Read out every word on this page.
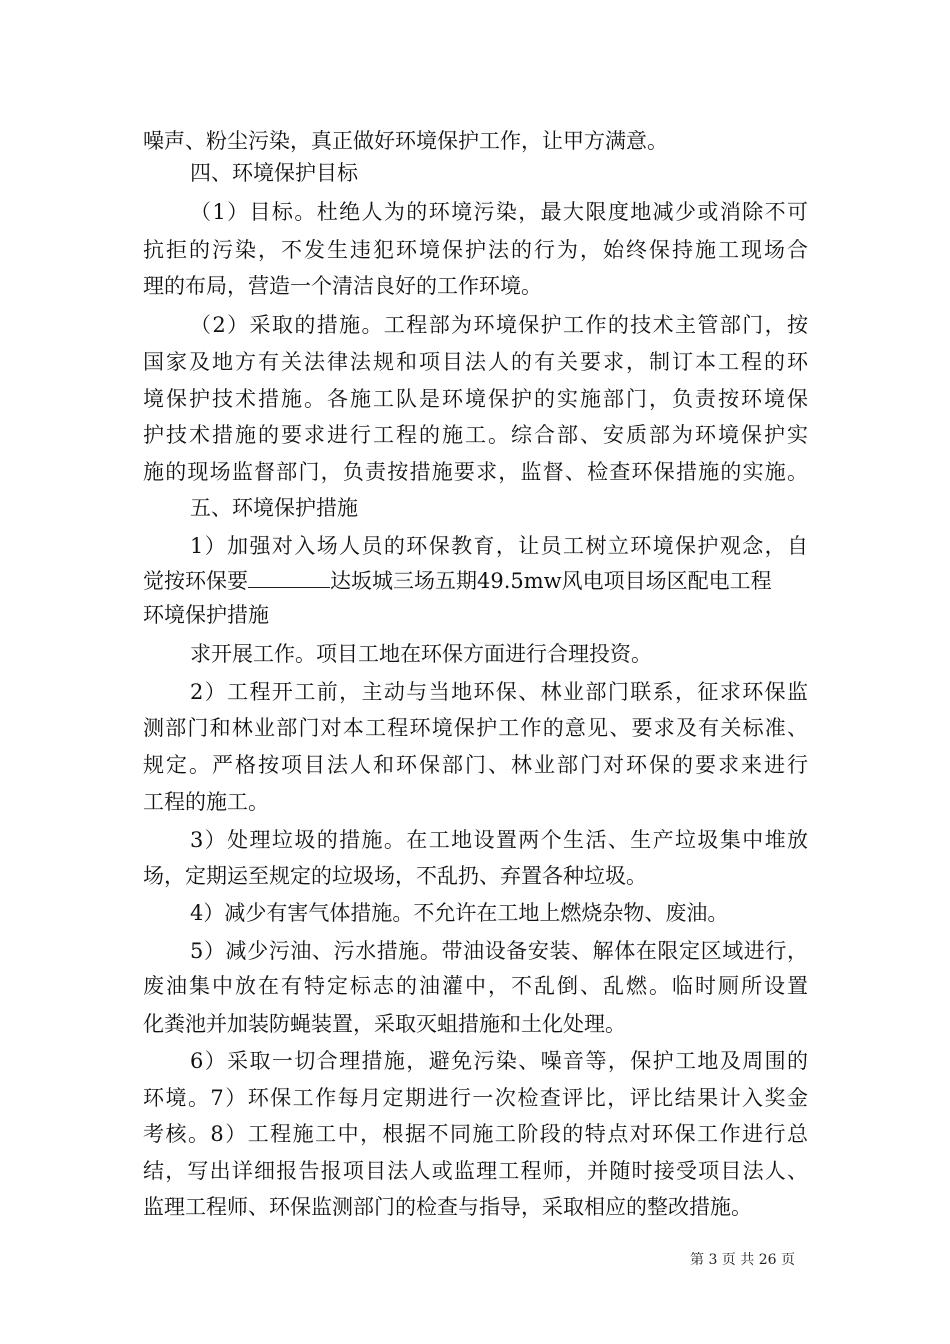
噪声、粉尘污染，真正做好环境保护工作，让甲方满意。
四、环境保护目标
（1）目标。杜绝人为的环境污染，最大限度地减少或消除不可
抗拒的污染，不发生违犯环境保护法的行为，始终保持施工现场合
理的布局，营造一个清洁良好的工作环境。
（2）采取的措施。工程部为环境保护工作的技术主管部门，按
国家及地方有关法律法规和项目法人的有关要求，制订本工程的环
境保护技术措施。各施工队是环境保护的实施部门，负责按环境保
护技术措施的要求进行工程的施工。综合部、安质部为环境保护实
施的现场监督部门，负责按措施要求，监督、检查环保措施的实施。
五、环境保护措施
1）加强对入场人员的环保教育，让员工树立环境保护观念，自
觉按环保要	达坂城三场五期49.5mw风电项目场区配电工程
环境保护措施
求开展工作。项目工地在环保方面进行合理投资。
2）工程开工前，主动与当地环保、林业部门联系，征求环保监
测部门和林业部门对本工程环境保护工作的意见、要求及有关标准、
规定。严格按项目法人和环保部门、林业部门对环保的要求来进行
工程的施工。
3）处理垃圾的措施。在工地设置两个生活、生产垃圾集中堆放
场，定期运至规定的垃圾场，不乱扔、弃置各种垃圾。
4）减少有害气体措施。不允许在工地上燃烧杂物、废油。
5）减少污油、污水措施。带油设备安装、解体在限定区域进行，
废油集中放在有特定标志的油灌中，不乱倒、乱燃。临时厕所设置
化粪池并加装防蝇装置，采取灭蛆措施和土化处理。
6）采取一切合理措施，避免污染、噪音等，保护工地及周围的
环境。7）环保工作每月定期进行一次检查评比，评比结果计入奖金
考核。8）工程施工中，根据不同施工阶段的特点对环保工作进行总
结，写出详细报告报项目法人或监理工程师，并随时接受项目法人、
监理工程师、环保监测部门的检查与指导，采取相应的整改措施。
第 3 页 共 26 页
